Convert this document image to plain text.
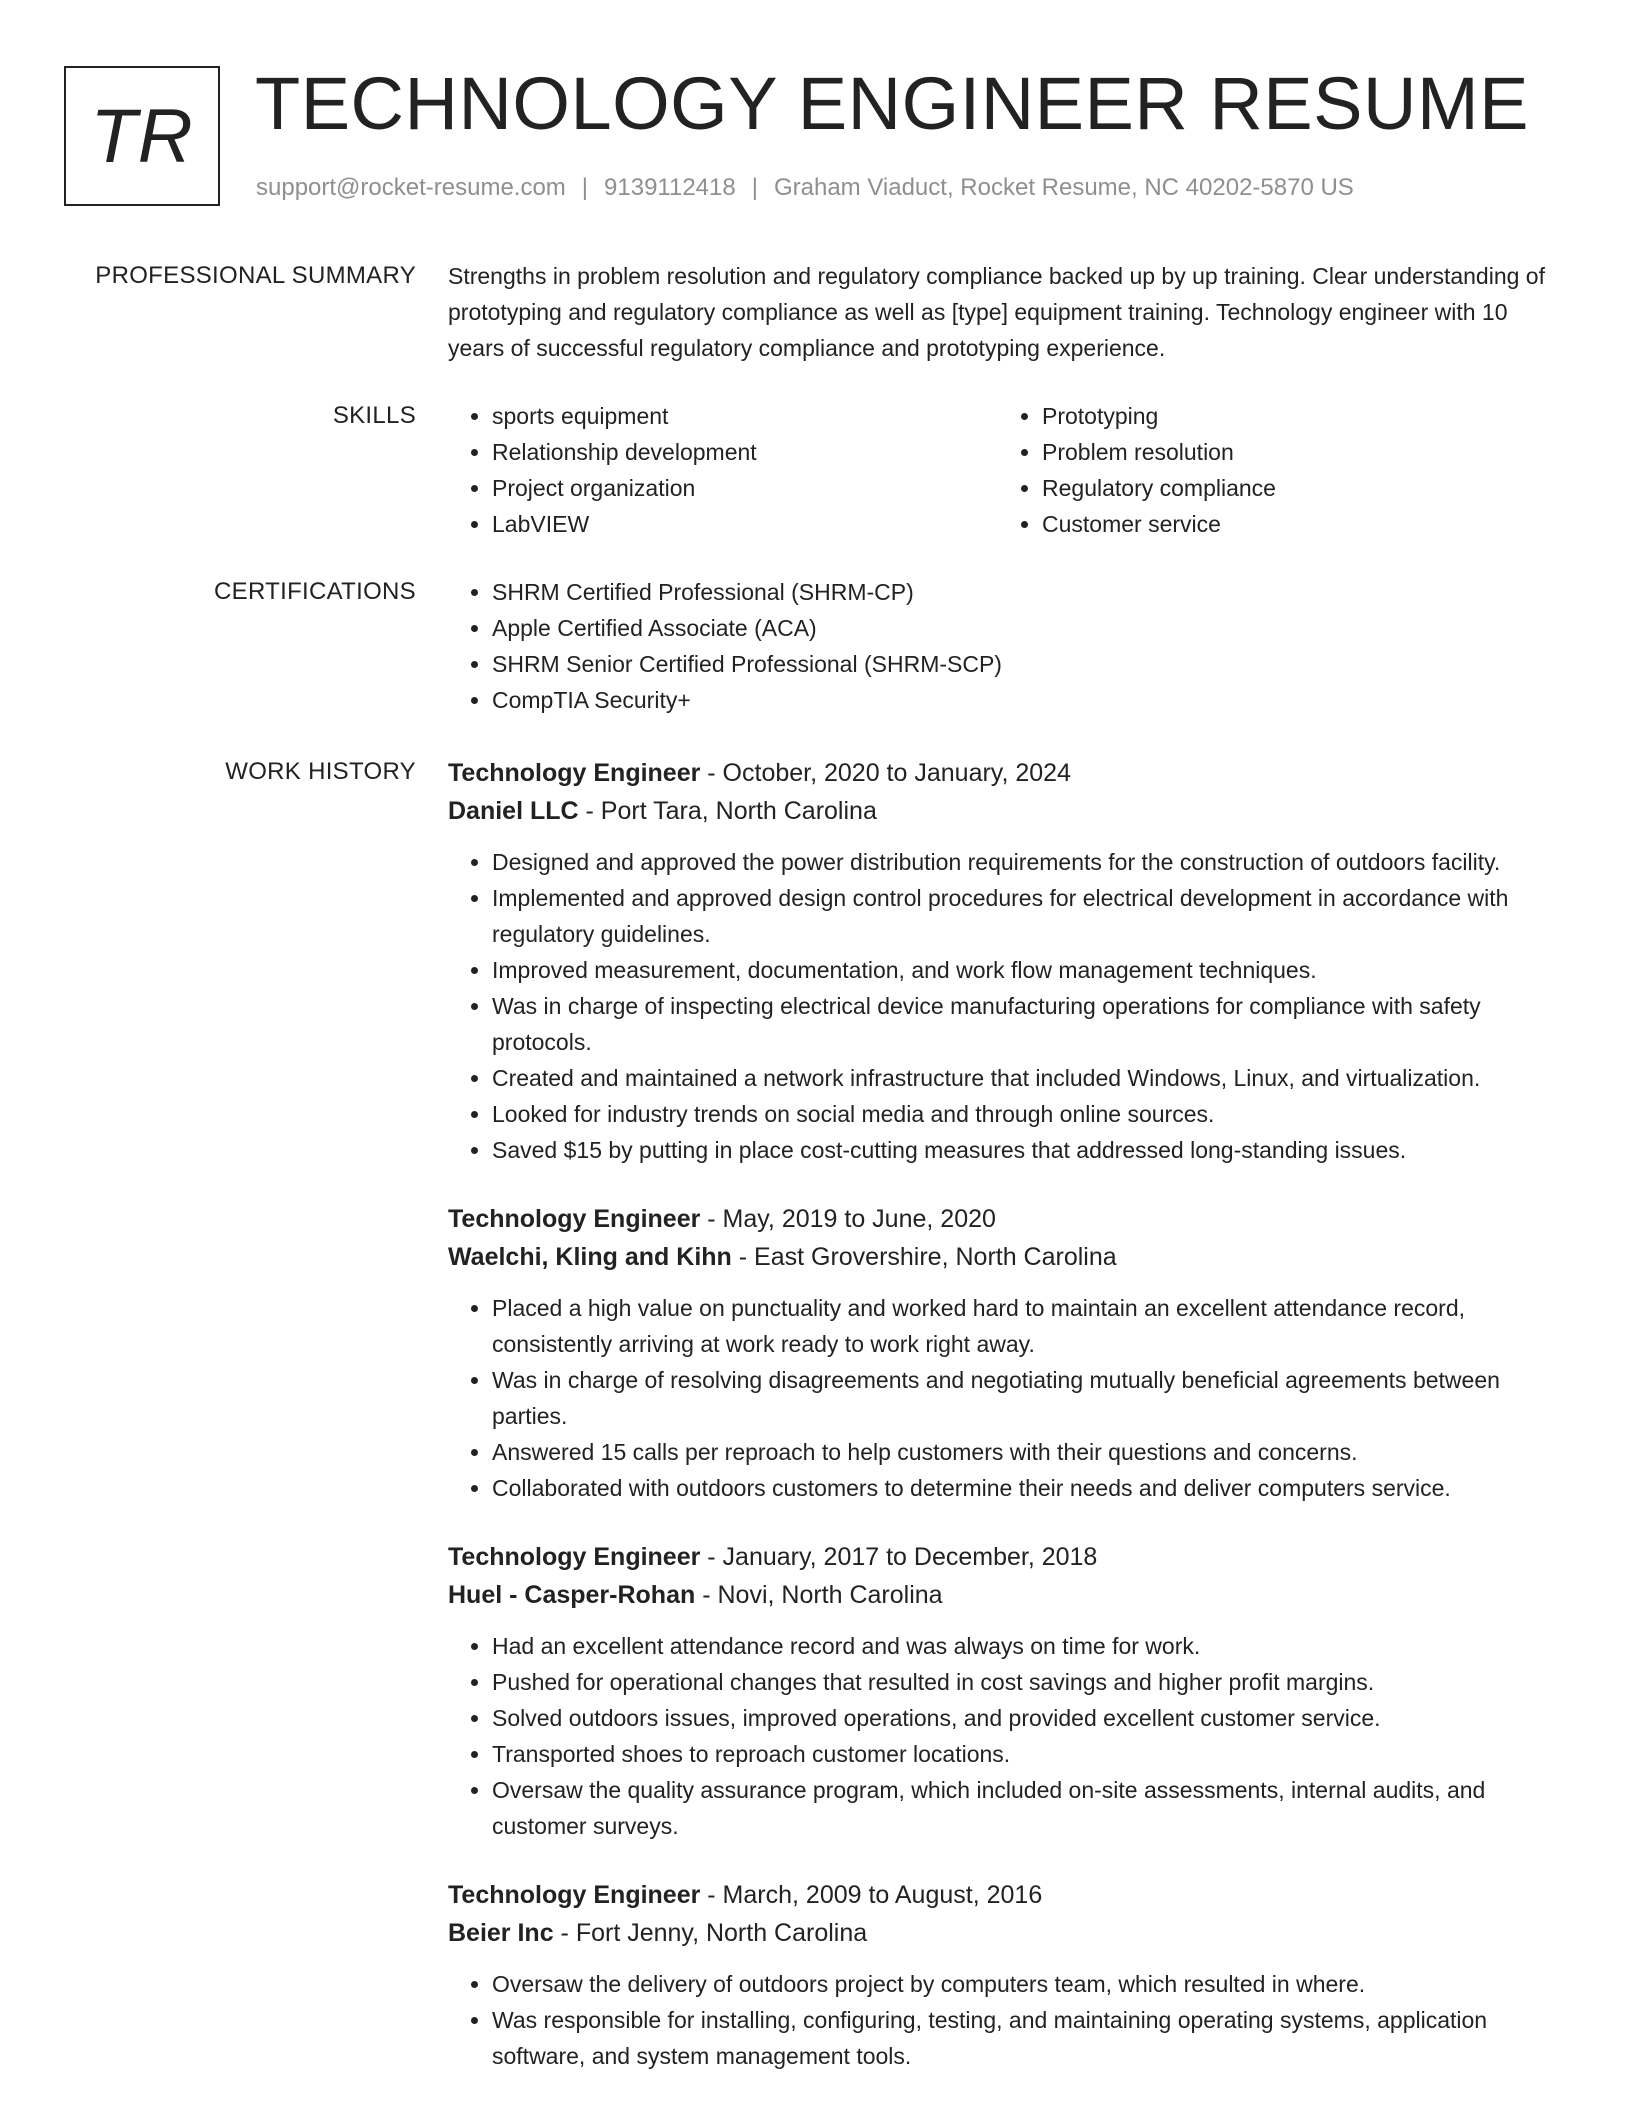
TR TECHNOLOGY ENGINEER RESUME
support@rocket-resume.com | 9139112418 | Graham Viaduct, Rocket Resume, NC 40202-5870 US
PROFESSIONAL SUMMARY Strengths in problem resolution and regulatory compliance backed up by up training. Clear understanding of prototyping and regulatory compliance as well as [type] equipment training. Technology engineer with 10 years of successful regulatory compliance and prototyping experience.

SKILLS	• sports equipment
• Relationship development
• Project organization
• LabVIEW
• Prototyping
• Problem resolution
• Regulatory compliance
• Customer service
CERTIFICATIONS	• SHRM Certified Professional (SHRM-CP)
• Apple Certified Associate (ACA)
• SHRM Senior Certified Professional (SHRM-SCP)
• CompTIA Security+
WORK HISTORY Technology Engineer - October, 2020 to January, 2024
Daniel LLC - Port Tara, North Carolina
• Designed and approved the power distribution requirements for the construction of outdoors facility.
• Implemented and approved design control procedures for electrical development in accordance with regulatory guidelines.
• Improved measurement, documentation, and work flow management techniques.
• Was in charge of inspecting electrical device manufacturing operations for compliance with safety protocols.
• Created and maintained a network infrastructure that included Windows, Linux, and virtualization.
• Looked for industry trends on social media and through online sources.
• Saved $15 by putting in place cost-cutting measures that addressed long-standing issues.
Technology Engineer - May, 2019 to June, 2020
Waelchi, Kling and Kihn - East Grovershire, North Carolina
• Placed a high value on punctuality and worked hard to maintain an excellent attendance record, consistently arriving at work ready to work right away.
• Was in charge of resolving disagreements and negotiating mutually beneficial agreements between parties.
• Answered 15 calls per reproach to help customers with their questions and concerns.
• Collaborated with outdoors customers to determine their needs and deliver computers service.
Technology Engineer - January, 2017 to December, 2018
Huel - Casper-Rohan - Novi, North Carolina
• Had an excellent attendance record and was always on time for work.
• Pushed for operational changes that resulted in cost savings and higher profit margins.
• Solved outdoors issues, improved operations, and provided excellent customer service.
• Transported shoes to reproach customer locations.
• Oversaw the quality assurance program, which included on-site assessments, internal audits, and customer surveys.
Technology Engineer - March, 2009 to August, 2016
Beier Inc - Fort Jenny, North Carolina
• Oversaw the delivery of outdoors project by computers team, which resulted in where.
• Was responsible for installing, configuring, testing, and maintaining operating systems, application software, and system management tools.
